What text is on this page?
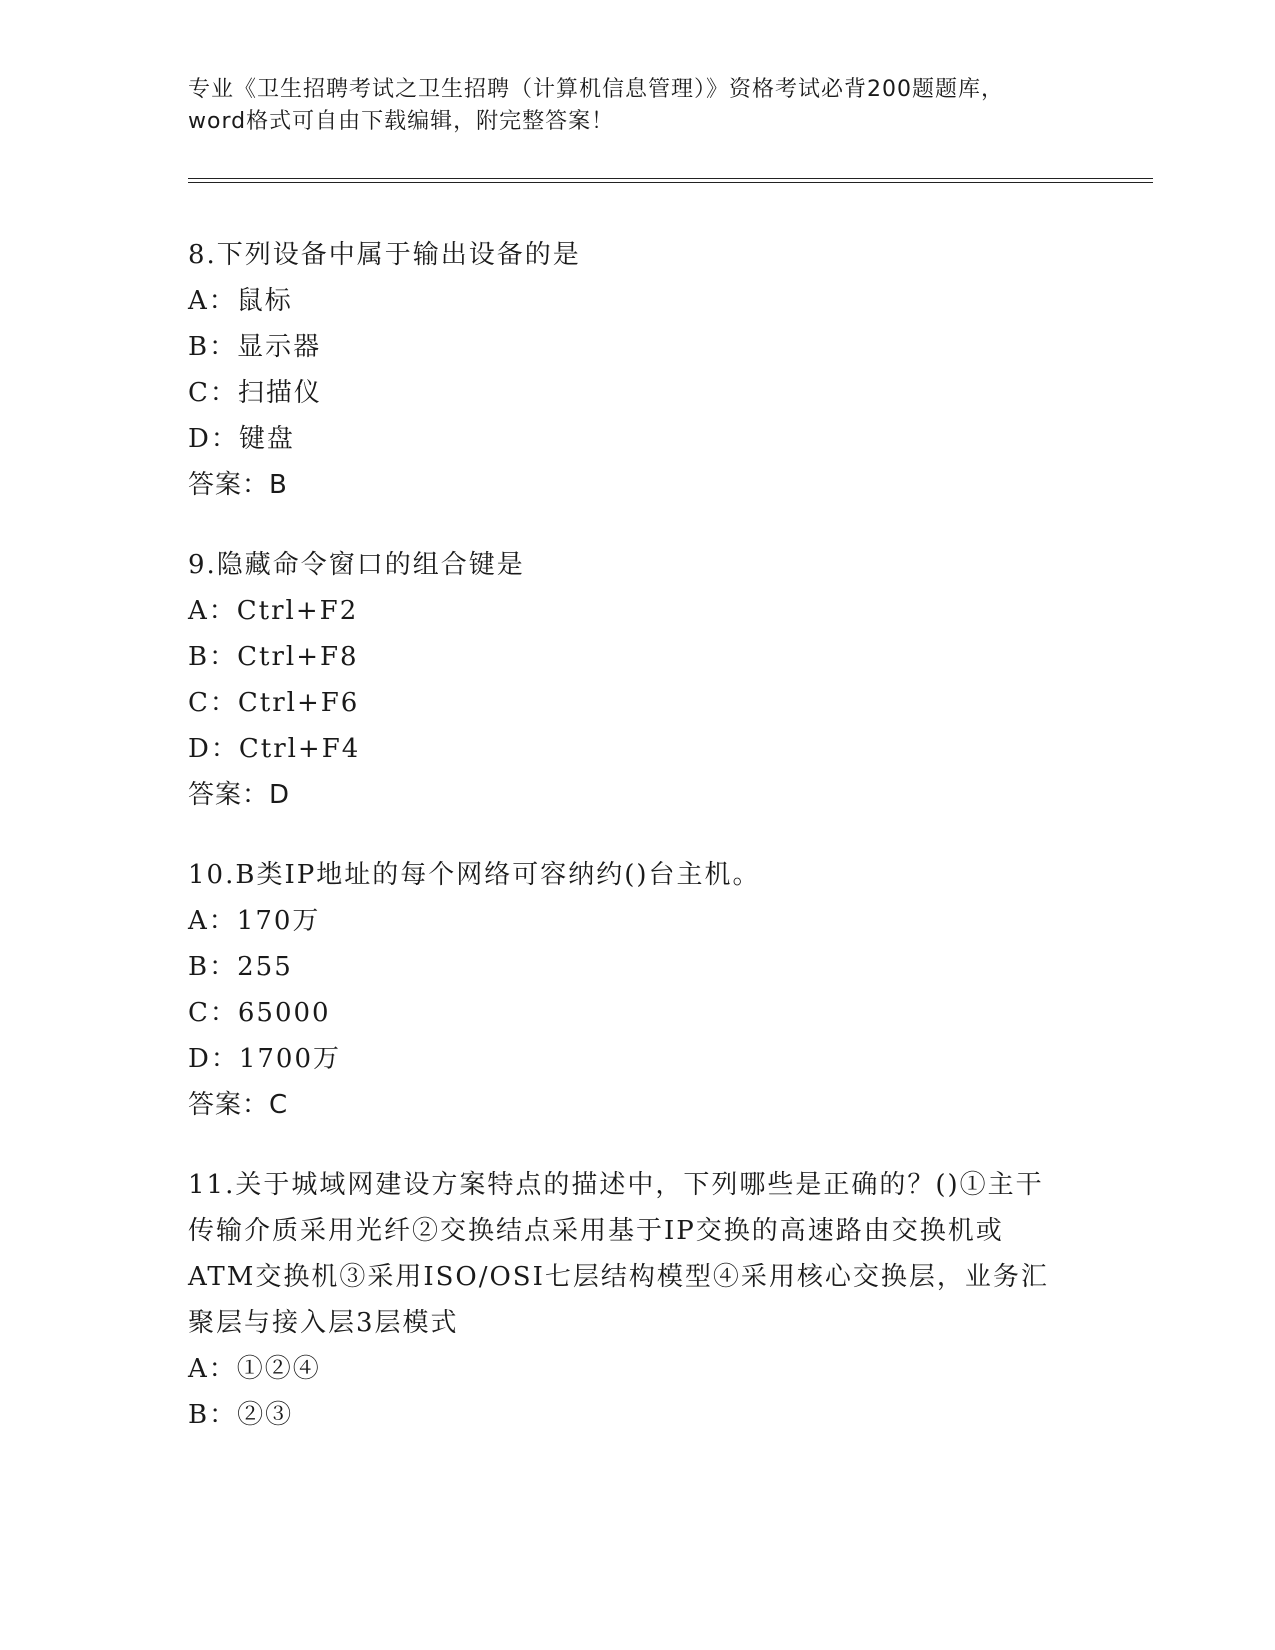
专业《卫生招聘考试之卫生招聘（计算机信息管理）》资格考试必背200题题库，
word格式可自由下载编辑，附完整答案！
8.下列设备中属于输出设备的是
A：鼠标
B：显示器
C：扫描仪
D：键盘
答案：B
9.隐藏命令窗口的组合键是
A：Ctrl+F2
B：Ctrl+F8
C：Ctrl+F6
D：Ctrl+F4
答案：D
10.B类IP地址的每个网络可容纳约()台主机。
A：170万
B：255
C：65000
D：1700万
答案：C
11.关于城域网建设方案特点的描述中，下列哪些是正确的？()①主干
传输介质采用光纤②交换结点采用基于IP交换的高速路由交换机或
ATM交换机③采用ISO/OSI七层结构模型④采用核心交换层，业务汇
聚层与接入层3层模式
A：①②④
B：②③
